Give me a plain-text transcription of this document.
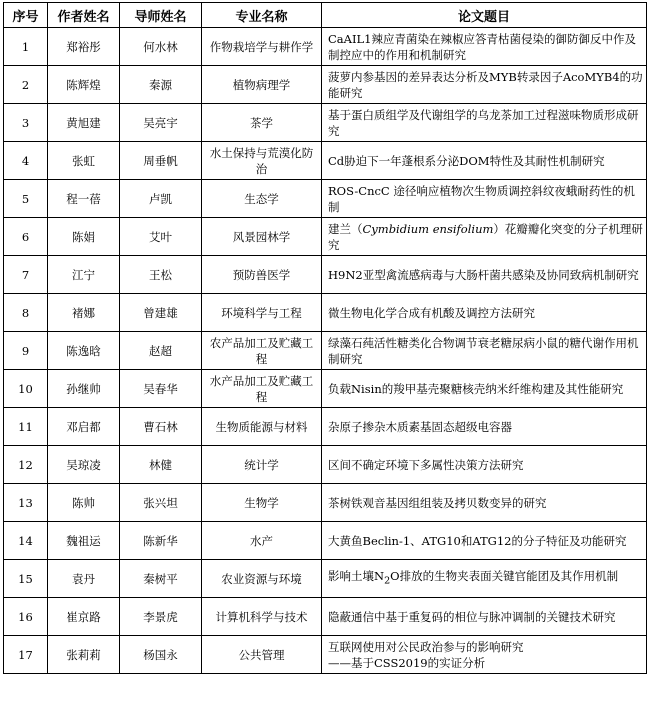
序号	作者姓名	导师姓名	专业名称	论文题目
1	郑裕彤	何水林	作物栽培学与耕作学	CaAIL1辣应青菌染在辣椒应答青枯菌侵染的御防御反中作及制控应中的作用和机制研究
2	陈辉煌	秦源	植物病理学	菠萝内参基因的差异表达分析及MYB转录因子AcoMYB4的功能研究
3	黄旭建	吴亮宇	茶学	基于蛋白质组学及代谢组学的乌龙茶加工过程滋味物质形成研究
4	张虹	周垂帆	水土保持与荒漠化防治	Cd胁迫下一年蓬根系分泌DOM特性及其耐性机制研究
5	程一蓓	卢凯	生态学	ROS-CncC 途径响应植物次生物质调控斜纹夜蛾耐药性的机制
6	陈娟	艾叶	风景园林学	建兰（Cymbidium ensifolium）花瓣瓣化突变的分子机理研究
7	江宁	王松	预防兽医学	H9N2亚型禽流感病毒与大肠杆菌共感染及协同致病机制研究
8	褚娜	曾建雄	环境科学与工程	微生物电化学合成有机酸及调控方法研究
9	陈逸晗	赵超	农产品加工及贮藏工程	绿藻石莼活性糖类化合物调节衰老糖尿病小鼠的糖代谢作用机制研究
10	孙继帅	吴春华	水产品加工及贮藏工程	负载Nisin的羧甲基壳聚糖核壳纳米纤维构建及其性能研究
11	邓启都	曹石林	生物质能源与材料	杂原子掺杂木质素基固态超级电容器
12	吴琼凌	林健	统计学	区间不确定环境下多属性决策方法研究
13	陈帅	张兴坦	生物学	茶树铁观音基因组组装及拷贝数变异的研究
14	魏祖运	陈新华	水产	大黄鱼Beclin-1、ATG10和ATG12的分子特征及功能研究
15	袁丹	秦树平	农业资源与环境	影响土壤$N_2O$排放的生物夹表面关键官能团及其作用机制
16	崔京路	李景虎	计算机科学与技术	隐蔽通信中基于重复码的相位与脉冲调制的关键技术研究
17	张莉莉	杨国永	公共管理	互联网使用对公民政治参与的影响研究
——基于CSS2019的实证分析
